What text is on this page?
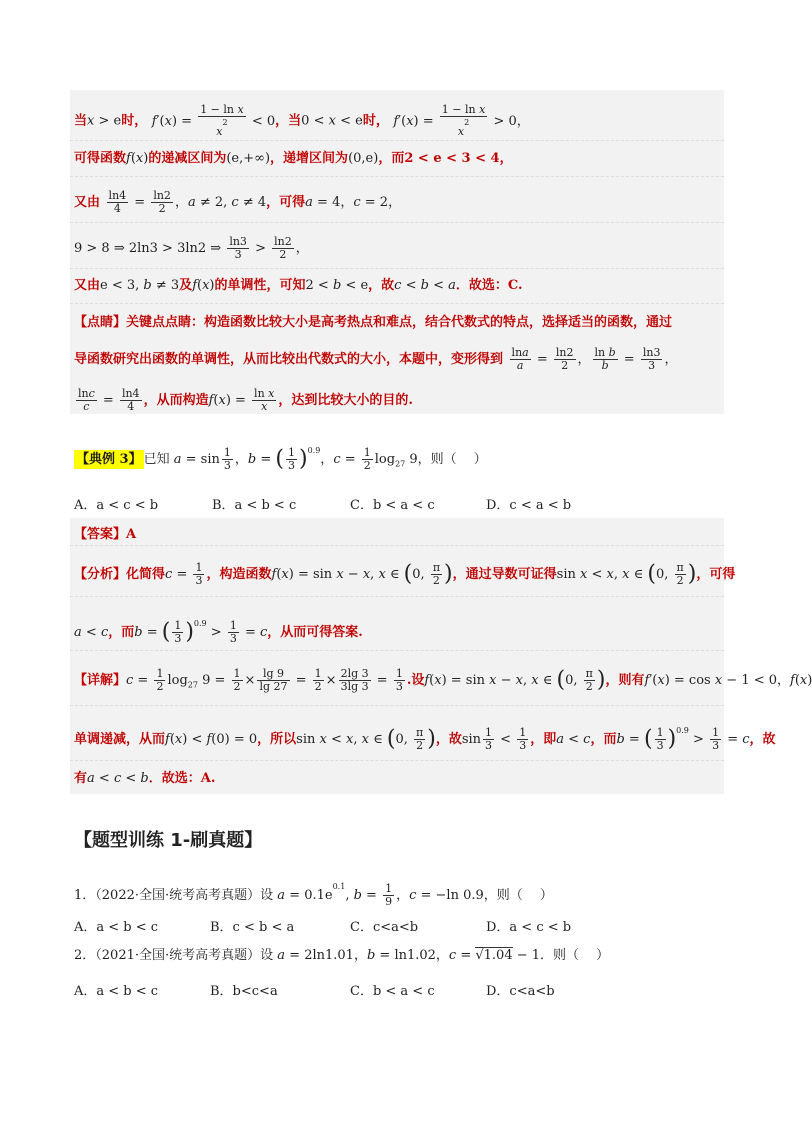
当x > e时， $f'(x) = \frac{\text{1 − ln x}}{x^2} < 0$，当0 < x < e时， $f'(x) = \frac{\text{1 − ln x}}{x^2} > 0$，
可得函数f(x)的递减区间为(e,+∞)，递增区间为(0,e)，而2 < e < 3 < 4，
又由 $\frac{\ln 4}{4} = \frac{\ln 2}{2}$ ，a ≠ 2, c ≠ 4，可得a = 4，c = 2，
9 > 8 ⇒ 2ln3 > 3ln2 ⇒ $\frac{\ln 3}{3} > \frac{\ln 2}{2}$ ，
又由e < 3, b ≠ 3及f(x)的单调性，可知2 < b < e，故c < b < a．故选：C.
【点睛】关键点点睛：构造函数比较大小是高考热点和难点，结合代数式的特点，选择适当的函数，通过
导函数研究出函数的单调性，从而比较出代数式的大小，本题中，变形得到 $\frac{\ln a}{a} = \frac{\ln 2}{2}$ ， $\frac{\text{ln b}}{b} = \frac{\ln 3}{3}$ ，
$\frac{\ln c}{c} = \frac{\ln 4}{4}$ ，从而构造$f(x) = \frac{\text{ln x}}{x}$ ，达到比较大小的目的.
【典例 3】 已知 $a = \sin \frac{1}{3}$ ，b = ( $\frac{1}{3} )^{0.9}$，$c = \frac{1}{2} \log_{27} 9$，则（　 ）
A．a < c < b	B．a < b < c	C．b < a < c	D．c < a < b
【答案】A
【分析】化简得$c = \frac{1}{3}$ ，构造函数f(x) = sin x − x, x ∈ (0, $\frac{\pi}{2}$ )，通过导数可证得sin x < x, x ∈ (0, $\frac{\pi}{2}$ )，可得
a < c，而b = ( $\frac{1}{3} )^{0.9} > \frac{1}{3} = c$，从而可得答案.
【详解】$c = \frac{1}{2} \log_{27} 9 = \frac{1}{2} \times \frac{\lg 9}{\lg 27} = \frac{1}{2} \times \frac{2\lg 3}{3\lg 3} = \frac{1}{3}$ .设f(x) = sin x − x, x ∈ (0, $\frac{\pi}{2}$ )，则有f′(x) = cos x − 1 < 0，f(x)
单调递减，从而f(x) < f(0) = 0，所以sin x < x, x ∈ (0, $\frac{\pi}{2}$ )，故$\sin \frac{1}{3} < \frac{1}{3}$ ，即a < c，而b = ( $\frac{1}{3} )^{0.9} > \frac{1}{3} = c$，故
有a < c < b．故选：A.
【题型训练 1-刷真题】
1．（2022·全国·统考高考真题）设 $a = 0.1e^{0.1}$, $b = \frac{1}{9}$ ，c = −ln 0.9，则（　 ）
A．a < b < c	B．c < b < a	C．c<a<b	D．a < c < b
2．（2021·全国·统考高考真题）设 a = 2ln1.01，b = ln1.02，c = √1.04 − 1．则（　 ）
A．a < b < c	B．b<c<a	C．b < a < c	D．c<a<b
